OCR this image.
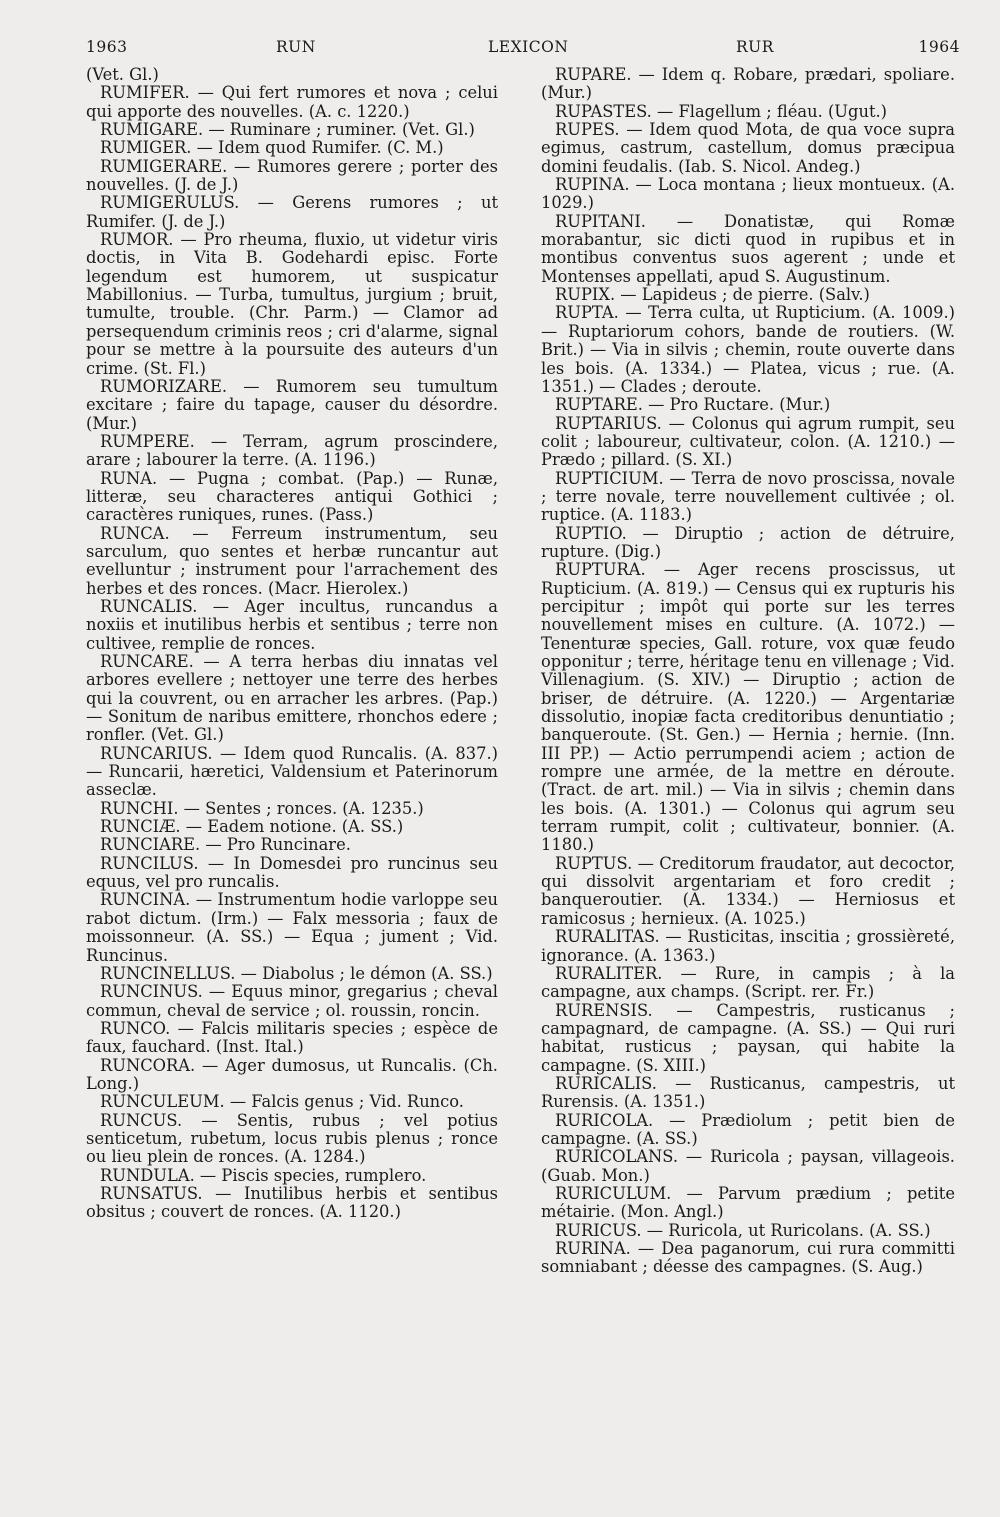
1963	RUN	LEXICON	RUR	1964

(Vet. Gl.)

RUMIFER. — Qui fert rumores et nova ; celui qui apporte des nouvelles. (A. c. 1220.)

RUMIGARE. — Ruminare ; ruminer. (Vet. Gl.)

RUMIGER. — Idem quod Rumifer. (C. M.)

RUMIGERARE. — Rumores gerere ; porter des nouvelles. (J. de J.)

RUMIGERULUS. — Gerens rumores ; ut Rumifer. (J. de J.)

RUMOR. — Pro rheuma, fluxio, ut videtur viris doctis, in Vita B. Godehardi episc. Forte legendum est humorem, ut suspicatur Mabillonius. — Turba, tumultus, jurgium ; bruit, tumulte, trouble. (Chr. Parm.) — Clamor ad persequendum criminis reos ; cri d'alarme, signal pour se mettre à la poursuite des auteurs d'un crime. (St. Fl.)

RUMORIZARE. — Rumorem seu tumultum excitare ; faire du tapage, causer du désordre. (Mur.)

RUMPERE. — Terram, agrum proscindere, arare ; labourer la terre. (A. 1196.)

RUNA. — Pugna ; combat. (Pap.) — Runæ, litteræ, seu characteres antiqui Gothici ; caractères runiques, runes. (Pass.)

RUNCA. — Ferreum instrumentum, seu sarculum, quo sentes et herbæ runcantur aut evelluntur ; instrument pour l'arrachement des herbes et des ronces. (Macr. Hierolex.)

RUNCALIS. — Ager incultus, runcandus a noxiis et inutilibus herbis et sentibus ; terre non cultivee, remplie de ronces.

RUNCARE. — A terra herbas diu innatas vel arbores evellere ; nettoyer une terre des herbes qui la couvrent, ou en arracher les arbres. (Pap.) — Sonitum de naribus emittere, rhonchos edere ; ronfler. (Vet. Gl.)

RUNCARIUS. — Idem quod Runcalis. (A. 837.) — Runcarii, hæretici, Valdensium et Paterinorum asseclæ.

RUNCHI. — Sentes ; ronces. (A. 1235.)

RUNCIÆ. — Eadem notione. (A. SS.)

RUNCIARE. — Pro Runcinare.

RUNCILUS. — In Domesdei pro runcinus seu equus, vel pro runcalis.

RUNCINA. — Instrumentum hodie varloppe seu rabot dictum. (Irm.) — Falx messoria ; faux de moissonneur. (A. SS.) — Equa ; jument ; Vid. Runcinus.

RUNCINELLUS. — Diabolus ; le démon (A. SS.)

RUNCINUS. — Equus minor, gregarius ; cheval commun, cheval de service ; ol. roussin, roncin.

RUNCO. — Falcis militaris species ; espèce de faux, fauchard. (Inst. Ital.)

RUNCORA. — Ager dumosus, ut Runcalis. (Ch. Long.)

RUNCULEUM. — Falcis genus ; Vid. Runco.

RUNCUS. — Sentis, rubus ; vel potius senticetum, rubetum, locus rubis plenus ; ronce ou lieu plein de ronces. (A. 1284.)

RUNDULA. — Piscis species, rumplero.

RUNSATUS. — Inutilibus herbis et sentibus obsitus ; couvert de ronces. (A. 1120.)

RUPARE. — Idem q. Robare, prædari, spoliare. (Mur.)

RUPASTES. — Flagellum ; fléau. (Ugut.)

RUPES. — Idem quod Mota, de qua voce supra egimus, castrum, castellum, domus præcipua domini feudalis. (Iab. S. Nicol. Andeg.)

RUPINA. — Loca montana ; lieux montueux. (A. 1029.)

RUPITANI. — Donatistæ, qui Romæ morabantur, sic dicti quod in rupibus et in montibus conventus suos agerent ; unde et Montenses appellati, apud S. Augustinum.

RUPIX. — Lapideus ; de pierre. (Salv.)

RUPTA. — Terra culta, ut Rupticium. (A. 1009.) — Ruptariorum cohors, bande de routiers. (W. Brit.) — Via in silvis ; chemin, route ouverte dans les bois. (A. 1334.) — Platea, vicus ; rue. (A. 1351.) — Clades ; deroute.

RUPTARE. — Pro Ructare. (Mur.)

RUPTARIUS. — Colonus qui agrum rumpit, seu colit ; laboureur, cultivateur, colon. (A. 1210.) — Prædo ; pillard. (S. XI.)

RUPTICIUM. — Terra de novo proscissa, novale ; terre novale, terre nouvellement cultivée ; ol. ruptice. (A. 1183.)

RUPTIO. — Diruptio ; action de détruire, rupture. (Dig.)

RUPTURA. — Ager recens proscissus, ut Rupticium. (A. 819.) — Census qui ex rupturis his percipitur ; impôt qui porte sur les terres nouvellement mises en culture. (A. 1072.) — Tenenturæ species, Gall. roture, vox quæ feudo opponitur ; terre, héritage tenu en villenage ; Vid. Villenagium. (S. XIV.) — Diruptio ; action de briser, de détruire. (A. 1220.) — Argentariæ dissolutio, inopiæ facta creditoribus denuntiatio ; banqueroute. (St. Gen.) — Hernia ; hernie. (Inn. III PP.) — Actio perrumpendi aciem ; action de rompre une armée, de la mettre en déroute. (Tract. de art. mil.) — Via in silvis ; chemin dans les bois. (A. 1301.) — Colonus qui agrum seu terram rumpit, colit ; cultivateur, bonnier. (A. 1180.)

RUPTUS. — Creditorum fraudator, aut decoctor, qui dissolvit argentariam et foro credit ; banqueroutier. (A. 1334.) — Herniosus et ramicosus ; hernieux. (A. 1025.)

RURALITAS. — Rusticitas, inscitia ; grossièreté, ignorance. (A. 1363.)

RURALITER. — Rure, in campis ; à la campagne, aux champs. (Script. rer. Fr.)

RURENSIS. — Campestris, rusticanus ; campagnard, de campagne. (A. SS.) — Qui ruri habitat, rusticus ; paysan, qui habite la campagne. (S. XIII.)

RURICALIS. — Rusticanus, campestris, ut Rurensis. (A. 1351.)

RURICOLA. — Prædiolum ; petit bien de campagne. (A. SS.)

RURICOLANS. — Ruricola ; paysan, villageois. (Guab. Mon.)

RURICULUM. — Parvum prædium ; petite métairie. (Mon. Angl.)

RURICUS. — Ruricola, ut Ruricolans. (A. SS.)

RURINA. — Dea paganorum, cui rura committi somniabant ; déesse des campagnes. (S. Aug.)
